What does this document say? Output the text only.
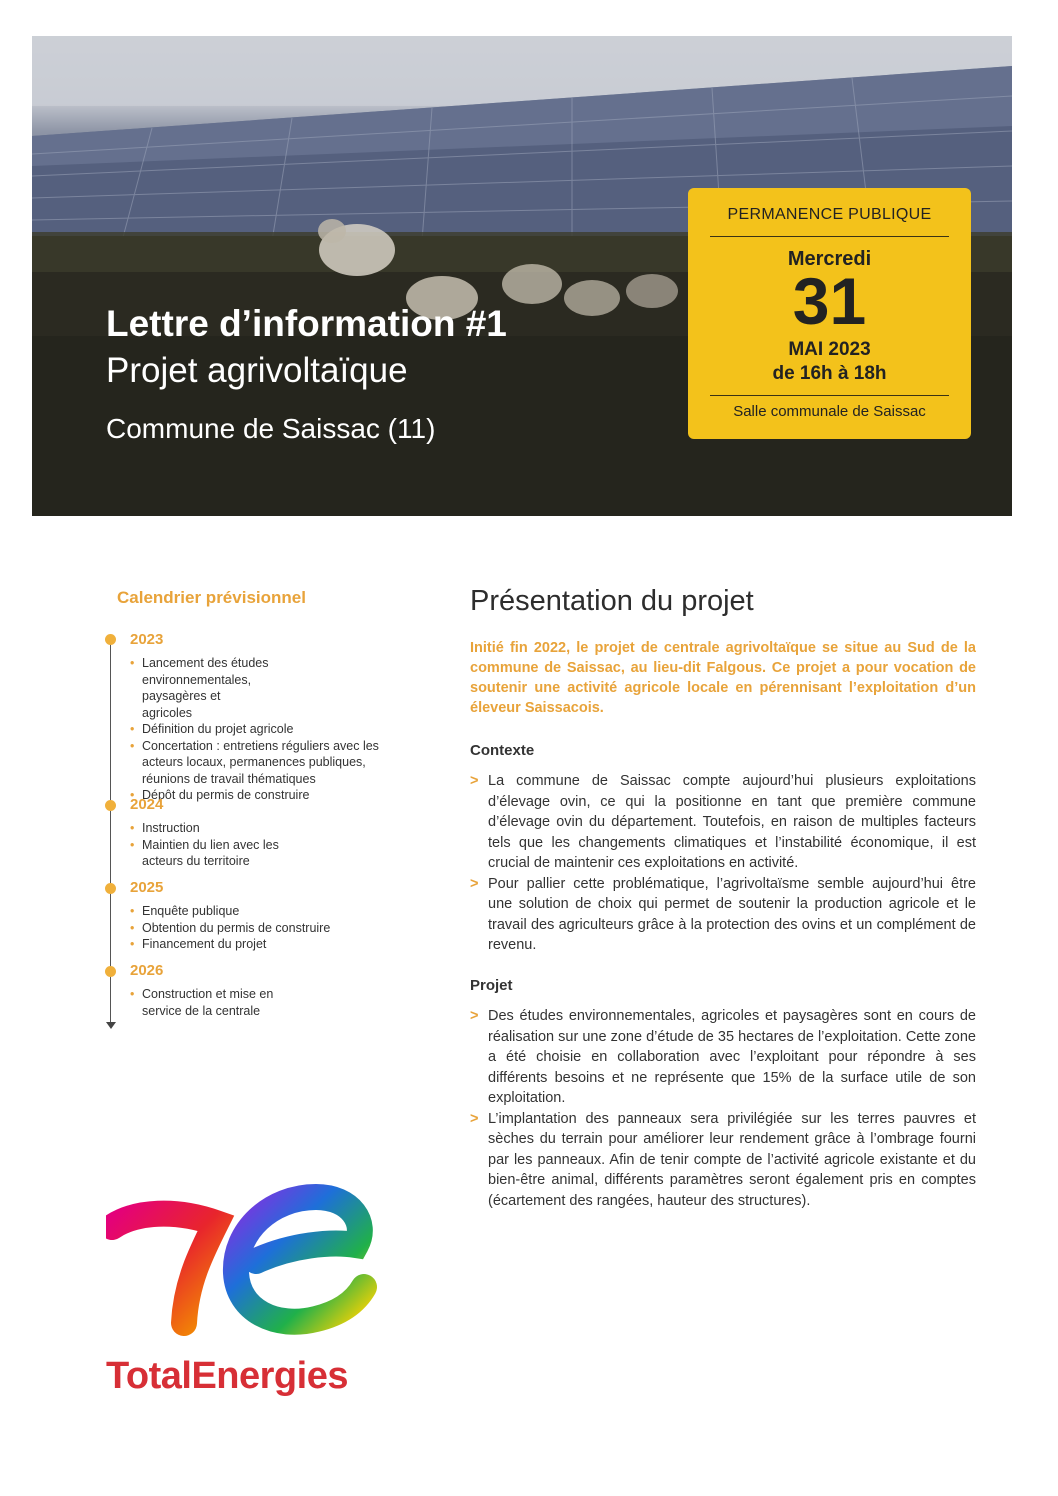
Lettre d’information #1
Projet agrivoltaïque
Commune de Saissac (11)
PERMANENCE PUBLIQUE
Mercredi
31
MAI 2023
de 16h à 18h
Salle communale de Saissac
Calendrier prévisionnel
2023
• Lancement des études environnementales, paysagères et agricoles
• Définition du projet agricole
• Concertation : entretiens réguliers avec les acteurs locaux, permanences publiques, réunions de travail thématiques
• Dépôt du permis de construire
2024
• Instruction
• Maintien du lien avec les acteurs du territoire
2025
• Enquête publique
• Obtention du permis de construire
• Financement du projet
2026
• Construction et mise en service de la centrale
Présentation du projet
Initié fin 2022, le projet de centrale agrivoltaïque se situe au Sud de la commune de Saissac, au lieu-dit Falgous. Ce projet a pour vocation de soutenir une activité agricole locale en pérennisant l’exploitation d’un éleveur Saissacois.
Contexte
> La commune de Saissac compte aujourd’hui plusieurs exploitations d’élevage ovin, ce qui la positionne en tant que première commune d’élevage ovin du département. Toutefois, en raison de multiples facteurs tels que les changements climatiques et l’instabilité économique, il est crucial de maintenir ces exploitations en activité.
> Pour pallier cette problématique, l’agrivoltaïsme semble aujourd’hui être une solution de choix qui permet de soutenir la production agricole et le travail des agriculteurs grâce à la protection des ovins et un complément de revenu.
Projet
> Des études environnementales, agricoles et paysagères sont en cours de réalisation sur une zone d’étude de 35 hectares de l’exploitation. Cette zone a été choisie en collaboration avec l’exploitant pour répondre à ses différents besoins et ne représente que 15% de la surface utile de son exploitation.
> L’implantation des panneaux sera privilégiée sur les terres pauvres et sèches du terrain pour améliorer leur rendement grâce à l’ombrage fourni par les panneaux. Afin de tenir compte de l’activité agricole existante et du bien-être animal, différents paramètres seront également pris en comptes (écartement des rangées, hauteur des structures).
TotalEnergies
